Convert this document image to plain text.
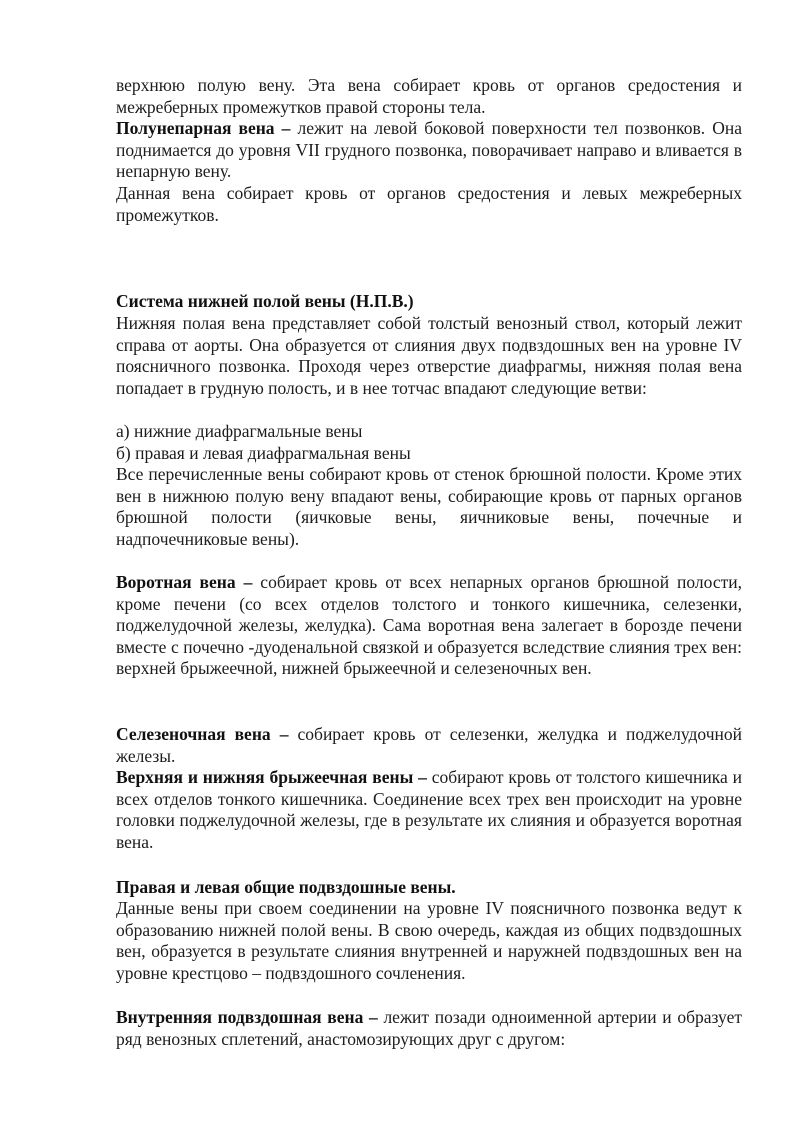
верхнюю полую вену. Эта вена собирает кровь от органов средостения и межреберных промежутков правой стороны тела.

Полунепарная вена – лежит на левой боковой поверхности тел позвонков. Она поднимается до уровня VII грудного позвонка, поворачивает направо и вливается в непарную вену.

Данная вена собирает кровь от органов средостения и левых межреберных промежутков.

Система нижней полой вены (Н.П.В.)

Нижняя полая вена представляет собой толстый венозный ствол, который лежит справа от аорты. Она образуется от слияния двух подвздошных вен на уровне IV поясничного позвонка. Проходя через отверстие диафрагмы, нижняя полая вена попадает в грудную полость, и в нее тотчас впадают следующие ветви:

а) нижние диафрагмальные вены

б) правая и левая диафрагмальная вены

Все перечисленные вены собирают кровь от стенок брюшной полости. Кроме этих вен в нижнюю полую вену впадают вены, собирающие кровь от парных органов брюшной полости (яичковые вены, яичниковые вены, почечные и надпочечниковые вены).

Воротная вена – собирает кровь от всех непарных органов брюшной полости, кроме печени (со всех отделов толстого и тонкого кишечника, селезенки, поджелудочной железы, желудка). Сама воротная вена залегает в борозде печени вместе с почечно -дуоденальной связкой и образуется вследствие слияния трех вен: верхней брыжеечной, нижней брыжеечной и селезеночных вен.

Селезеночная вена – собирает кровь от селезенки, желудка и поджелудочной железы.

Верхняя и нижняя брыжеечная вены – собирают кровь от толстого кишечника и всех отделов тонкого кишечника. Соединение всех трех вен происходит на уровне головки поджелудочной железы, где в результате их слияния и образуется воротная вена.

Правая и левая общие подвздошные вены.

Данные вены при своем соединении на уровне IV поясничного позвонка ведут к образованию нижней полой вены. В свою очередь, каждая из общих подвздошных вен, образуется в результате слияния внутренней и наружней подвздошных вен на уровне крестцово – подвздошного сочленения.

Внутренняя подвздошная вена – лежит позади одноименной артерии и образует ряд венозных сплетений, анастомозирующих друг с другом:
